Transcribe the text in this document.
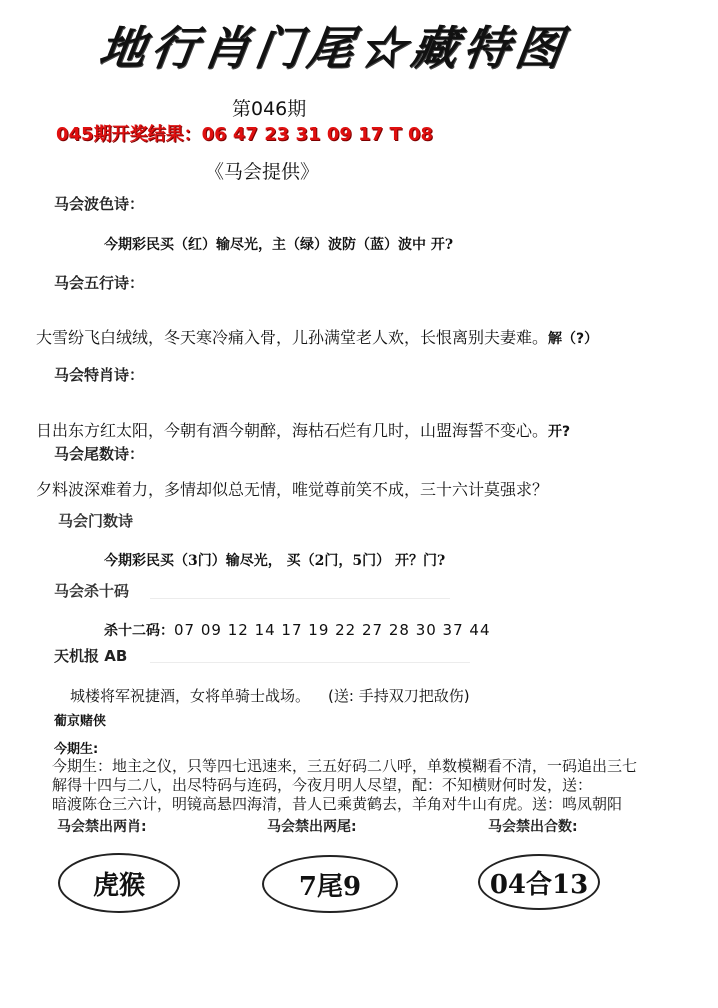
地行肖门尾☆藏特图
第046期
045期开奖结果：06 47 23 31 09 17 T 08
《马会提供》
马会波色诗：
今期彩民买（红）输尽光，主（绿）波防（蓝）波中 开?
马会五行诗：
大雪纷飞白绒绒，冬天寒冷痛入骨，儿孙满堂老人欢，长恨离别夫妻难。解（?）
马会特肖诗：
日出东方红太阳，今朝有酒今朝醉，海枯石烂有几时，山盟海誓不变心。开?
马会尾数诗：
夕料波深难着力，多情却似总无情，唯觉尊前笑不成，三十六计莫强求？
马会门数诗
今期彩民买（3门）输尽光， 买（2门，5门） 开？门?
马会杀十码
杀十二码：07 09 12 14 17 19 22 27 28 30 37 44
天机报 AB
城楼将军祝捷酒，女将单骑士战场。 (送: 手持双刀把敌伤)
葡京赌侠
今期生:
今期生：地主之仪，只等四七迅速来，三五好码二八呼，单数模糊看不清，一码追出三七
解得十四与二八，出尽特码与连码，今夜月明人尽望，配：不知横财何时发，送：
暗渡陈仓三六计，明镜高悬四海清，昔人已乘黄鹤去，羊角对牛山有虎。送：鸣凤朝阳
马会禁出两肖:	马会禁出两尾:	马会禁出合数:
虎猴	7尾9	04合13
